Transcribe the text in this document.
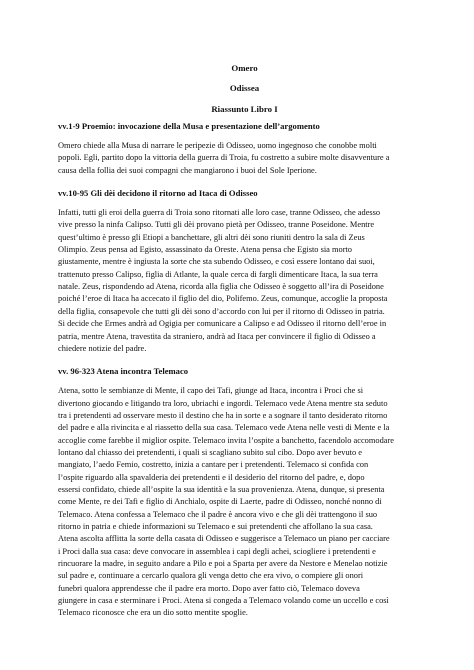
Omero
Odissea
Riassunto Libro I
vv.1-9 Proemio: invocazione della Musa e presentazione dell’argomento

Omero chiede alla Musa di narrare le peripezie di Odisseo, uomo ingegnoso che conobbe molti
popoli. Egli, partito dopo la vittoria della guerra di Troia, fu costretto a subire molte disavventure a
causa della follia dei suoi compagni che mangiarono i buoi del Sole Iperione.

vv.10-95 Gli dèi decidono il ritorno ad Itaca di Odisseo

Infatti, tutti gli eroi della guerra di Troia sono ritornati alle loro case, tranne Odisseo, che adesso
vive presso la ninfa Calipso. Tutti gli dèi provano pietà per Odisseo, tranne Poseidone. Mentre
quest’ultimo è presso gli Etiopi a banchettare, gli altri dèi sono riuniti dentro la sala di Zeus
Olimpio. Zeus pensa ad Egisto, assassinato da Oreste. Atena pensa che Egisto sia morto
giustamente, mentre è ingiusta la sorte che sta subendo Odisseo, e così essere lontano dai suoi,
trattenuto presso Calipso, figlia di Atlante, la quale cerca di fargli dimenticare Itaca, la sua terra
natale. Zeus, rispondendo ad Atena, ricorda alla figlia che Odisseo è soggetto all’ira di Poseidone
poiché l’eroe di Itaca ha accecato il figlio del dio, Polifemo. Zeus, comunque, accoglie la proposta
della figlia, consapevole che tutti gli dèi sono d’accordo con lui per il ritorno di Odisseo in patria.
Si decide che Ermes andrà ad Ogigia per comunicare a Calipso e ad Odisseo il ritorno dell’eroe in
patria, mentre Atena, travestita da straniero, andrà ad Itaca per convincere il figlio di Odisseo a
chiedere notizie del padre.

vv. 96-323 Atena incontra Telemaco

Atena, sotto le sembianze di Mente, il capo dei Tafi, giunge ad Itaca, incontra i Proci che si
divertono giocando e litigando tra loro, ubriachi e ingordi. Telemaco vede Atena mentre sta seduto
tra i pretendenti ad osservare mesto il destino che ha in sorte e a sognare il tanto desiderato ritorno
del padre e alla rivincita e al riassetto della sua casa. Telemaco vede Atena nelle vesti di Mente e la
accoglie come farebbe il miglior ospite. Telemaco invita l’ospite a banchetto, facendolo accomodare
lontano dal chiasso dei pretendenti, i quali si scagliano subito sul cibo. Dopo aver bevuto e
mangiato, l’aedo Femio, costretto, inizia a cantare per i pretendenti. Telemaco si confida con
l’ospite riguardo alla spavalderia dei pretendenti e il desiderio del ritorno del padre, e, dopo
essersi confidato, chiede all’ospite la sua identità e la sua provenienza. Atena, dunque, si presenta
come Mente, re dei Tafi e figlio di Anchialo, ospite di Laerte, padre di Odisseo, nonché nonno di
Telemaco. Atena confessa a Telemaco che il padre è ancora vivo e che gli dèi trattengono il suo
ritorno in patria e chiede informazioni su Telemaco e sui pretendenti che affollano la sua casa.
Atena ascolta afflitta la sorte della casata di Odisseo e suggerisce a Telemaco un piano per cacciare
i Proci dalla sua casa: deve convocare in assemblea i capi degli achei, sciogliere i pretendenti e
rincuorare la madre, in seguito andare a Pilo e poi a Sparta per avere da Nestore e Menelao notizie
sul padre e, continuare a cercarlo qualora gli venga detto che era vivo, o compiere gli onori
funebri qualora apprendesse che il padre era morto. Dopo aver fatto ciò, Telemaco doveva
giungere in casa e sterminare i Proci. Atena si congeda a Telemaco volando come un uccello e così
Telemaco riconosce che era un dio sotto mentite spoglie.
